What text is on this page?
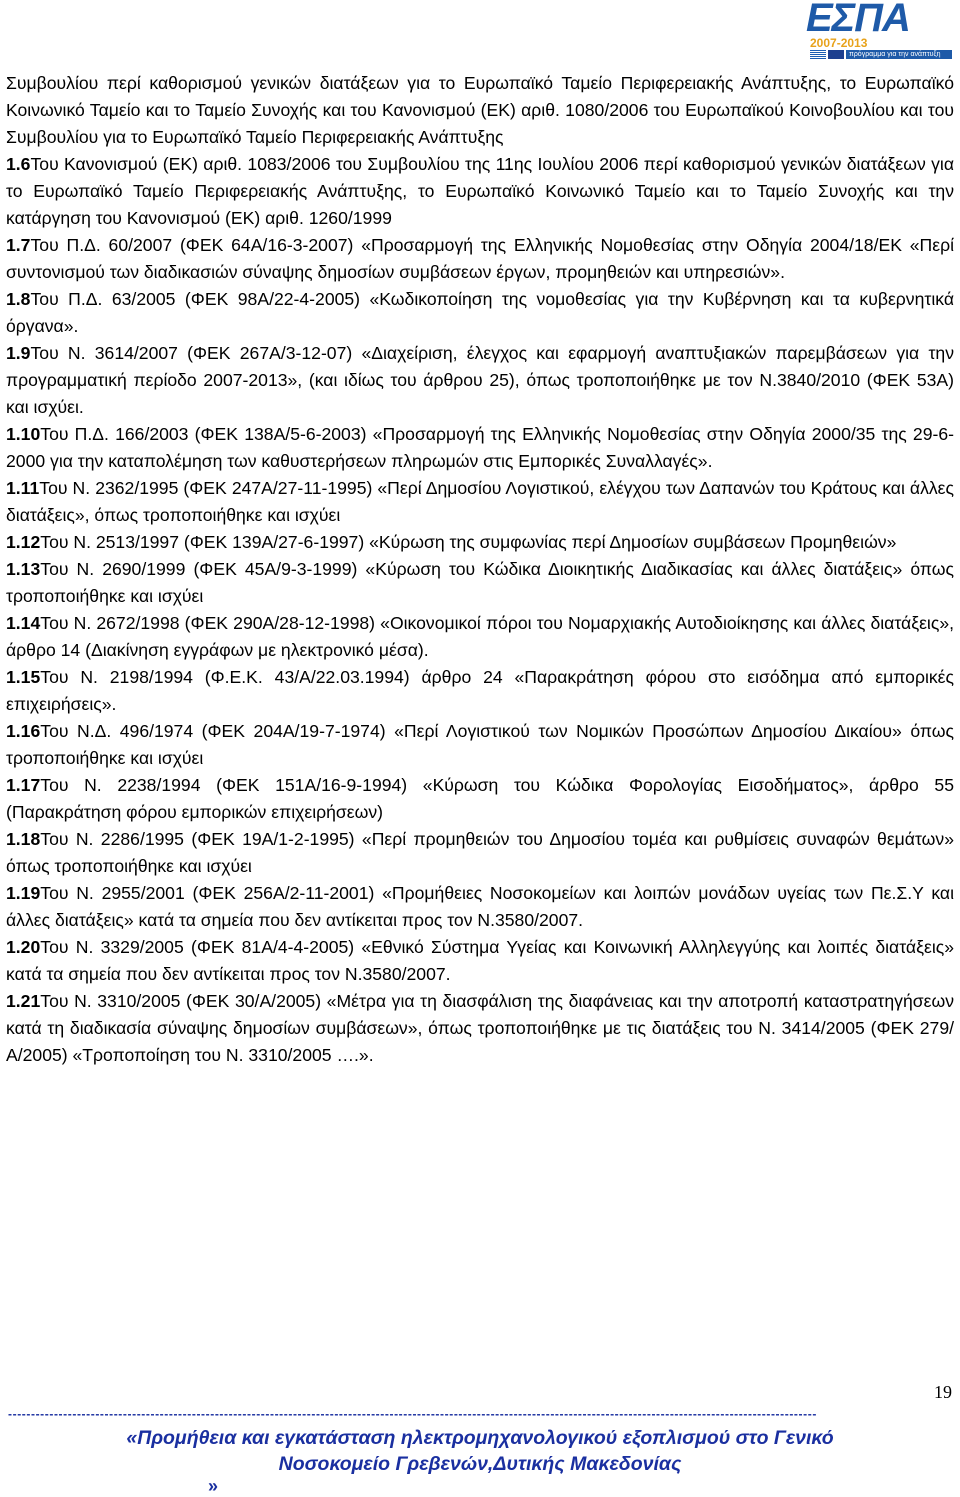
ΕΣΠΑ
2007-2013
πρόγραμμα για την ανάπτυξη

Συμβουλίου περί καθορισμού γενικών διατάξεων για το Ευρωπαϊκό Ταμείο Περιφερειακής Ανάπτυξης, το Ευρωπαϊκό Κοινωνικό Ταμείο και το Ταμείο Συνοχής και του Κανονισμού (ΕΚ) αριθ. 1080/2006 του Ευρωπαϊκού Κοινοβουλίου και του Συμβουλίου για το Ευρωπαϊκό Ταμείο Περιφερειακής Ανάπτυξης

1.6Του Κανονισμού (ΕΚ) αριθ. 1083/2006 του Συμβουλίου της 11ης Ιουλίου 2006 περί καθορισμού γενικών διατάξεων για το Ευρωπαϊκό Ταμείο Περιφερειακής Ανάπτυξης, το Ευρωπαϊκό Κοινωνικό Ταμείο και το Ταμείο Συνοχής και την κατάργηση του Κανονισμού (ΕΚ) αριθ. 1260/1999

1.7Του Π.Δ. 60/2007 (ΦΕΚ 64Α/16-3-2007) «Προσαρμογή της Ελληνικής Νομοθεσίας στην Οδηγία 2004/18/ΕΚ «Περί συντονισμού των διαδικασιών σύναψης δημοσίων συμβάσεων έργων, προμηθειών και υπηρεσιών».

1.8Του Π.Δ. 63/2005 (ΦΕΚ 98Α/22-4-2005) «Κωδικοποίηση της νομοθεσίας για την Κυβέρνηση και τα κυβερνητικά όργανα».

1.9Του Ν. 3614/2007 (ΦΕΚ 267Α/3-12-07) «Διαχείριση, έλεγχος και εφαρμογή αναπτυξιακών παρεμβάσεων για την προγραμματική περίοδο 2007-2013», (και ιδίως του άρθρου 25), όπως τροποποιήθηκε με τον Ν.3840/2010 (ΦΕΚ 53Α) και ισχύει.

1.10Του Π.Δ. 166/2003 (ΦΕΚ 138Α/5-6-2003) «Προσαρμογή της Ελληνικής Νομοθεσίας στην Οδηγία 2000/35 της 29-6-2000 για την καταπολέμηση των καθυστερήσεων πληρωμών στις Εμπορικές Συναλλαγές».

1.11Του Ν. 2362/1995 (ΦΕΚ 247Α/27-11-1995) «Περί Δημοσίου Λογιστικού, ελέγχου των Δαπανών του Κράτους και άλλες διατάξεις», όπως τροποποιήθηκε και ισχύει

1.12Του Ν. 2513/1997 (ΦΕΚ 139Α/27-6-1997) «Κύρωση της συμφωνίας περί Δημοσίων συμβάσεων Προμηθειών»

1.13Του Ν. 2690/1999 (ΦΕΚ 45Α/9-3-1999) «Κύρωση του Κώδικα Διοικητικής Διαδικασίας και άλλες διατάξεις» όπως τροποποιήθηκε και ισχύει

1.14Του Ν. 2672/1998 (ΦΕΚ 290Α/28-12-1998) «Οικονομικοί πόροι του Νομαρχιακής Αυτοδιοίκησης και άλλες διατάξεις», άρθρο 14 (Διακίνηση εγγράφων με ηλεκτρονικό μέσα).

1.15Του Ν. 2198/1994 (Φ.Ε.Κ. 43/Α/22.03.1994) άρθρο 24 «Παρακράτηση φόρου στο εισόδημα από εμπορικές επιχειρήσεις».

1.16Του Ν.Δ. 496/1974 (ΦΕΚ 204Α/19-7-1974) «Περί Λογιστικού των Νομικών Προσώπων Δημοσίου Δικαίου» όπως τροποποιήθηκε και ισχύει

1.17Του Ν. 2238/1994 (ΦΕΚ 151Α/16-9-1994) «Κύρωση του Κώδικα Φορολογίας Εισοδήματος», άρθρο 55 (Παρακράτηση φόρου εμπορικών επιχειρήσεων)

1.18Του Ν. 2286/1995 (ΦΕΚ 19Α/1-2-1995) «Περί προμηθειών του Δημοσίου τομέα και ρυθμίσεις συναφών θεμάτων» όπως τροποποιήθηκε και ισχύει

1.19Του Ν. 2955/2001 (ΦΕΚ 256Α/2-11-2001) «Προμήθειες Νοσοκομείων και λοιπών μονάδων υγείας των Πε.Σ.Υ και άλλες διατάξεις» κατά τα σημεία που δεν αντίκειται προς τον Ν.3580/2007.

1.20Του Ν. 3329/2005 (ΦΕΚ 81Α/4-4-2005) «Εθνικό Σύστημα Υγείας και Κοινωνική Αλληλεγγύης και λοιπές διατάξεις» κατά τα σημεία που δεν αντίκειται προς τον Ν.3580/2007.

1.21Του Ν. 3310/2005 (ΦΕΚ 30/Α/2005) «Μέτρα για τη διασφάλιση της διαφάνειας και την αποτροπή καταστρατηγήσεων κατά τη διαδικασία σύναψης δημοσίων συμβάσεων», όπως τροποποιήθηκε με τις διατάξεις του Ν. 3414/2005 (ΦΕΚ 279/Α/2005) «Τροποποίηση του Ν. 3310/2005 ….».

19
--------------------------------------------------------------------------------------------------------------------------------------------------------------------------------
«Προμήθεια και εγκατάσταση ηλεκτρομηχανολογικού εξοπλισμού στο Γενικό
Νοσοκομείο Γρεβενών,Δυτικής Μακεδονίας
»
